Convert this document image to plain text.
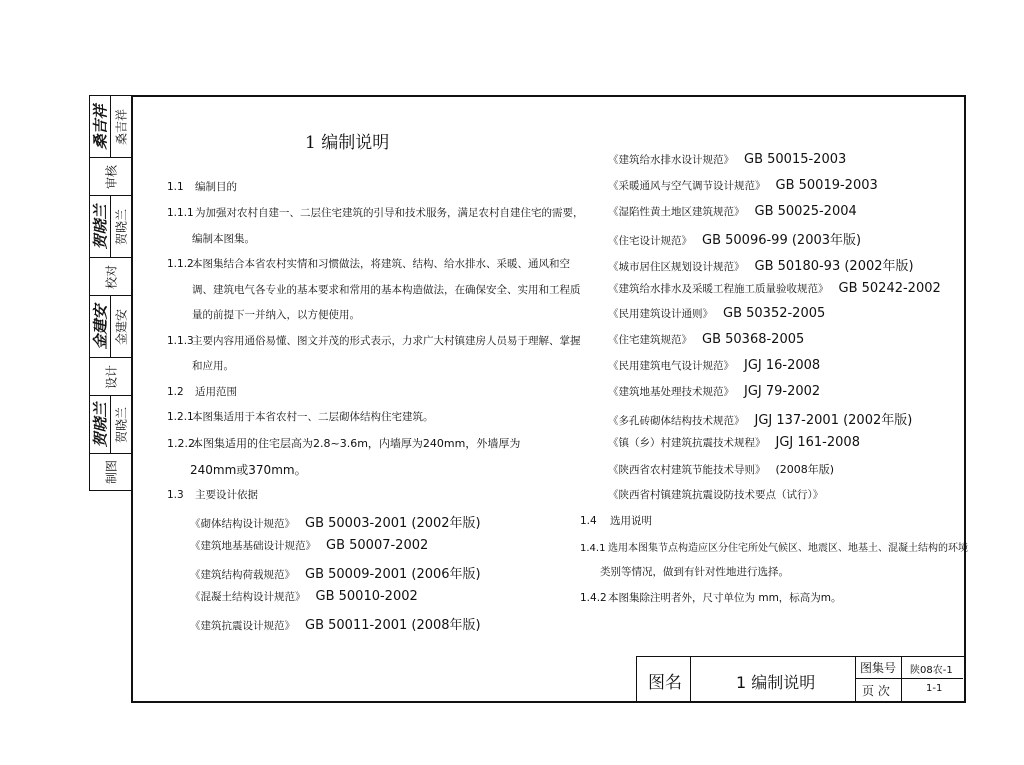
桑吉祥 桑吉祥
审核
贺晓兰 贺晓兰
校对
金建安 金建安
设计
贺晓兰 贺晓兰
制图
1 编制说明
1.1 编制目的
1.1.1为加强对农村自建一、二层住宅建筑的引导和技术服务，满足农村自建住宅的需要，
编制本图集。
1.1.2本图集结合本省农村实情和习惯做法，将建筑、结构、给水排水、采暖、通风和空
调、建筑电气各专业的基本要求和常用的基本构造做法，在确保安全、实用和工程质
量的前提下一并纳入，以方便使用。
1.1.3主要内容用通俗易懂、图文并茂的形式表示，力求广大村镇建房人员易于理解、掌握
和应用。
1.2 适用范围
1.2.1本图集适用于本省农村一、二层砌体结构住宅建筑。
1.2.2本图集适用的住宅层高为2.8~3.6m，内墙厚为240mm，外墙厚为
240mm或370mm。
1.3 主要设计依据
《砌体结构设计规范》 GB 50003-2001 (2002年版)
《建筑地基基础设计规范》 GB 50007-2002
《建筑结构荷载规范》 GB 50009-2001 (2006年版)
《混凝土结构设计规范》 GB 50010-2002
《建筑抗震设计规范》 GB 50011-2001 (2008年版)
《建筑给水排水设计规范》 GB 50015-2003
《采暖通风与空气调节设计规范》 GB 50019-2003
《湿陷性黄土地区建筑规范》 GB 50025-2004
《住宅设计规范》 GB 50096-99 (2003年版)
《城市居住区规划设计规范》 GB 50180-93 (2002年版)
《建筑给水排水及采暖工程施工质量验收规范》 GB 50242-2002
《民用建筑设计通则》 GB 50352-2005
《住宅建筑规范》 GB 50368-2005
《民用建筑电气设计规范》 JGJ 16-2008
《建筑地基处理技术规范》 JGJ 79-2002
《多孔砖砌体结构技术规范》 JGJ 137-2001 (2002年版)
《镇（乡）村建筑抗震技术规程》 JGJ 161-2008
《陕西省农村建筑节能技术导则》 (2008年版)
《陕西省村镇建筑抗震设防技术要点（试行）》
1.4 选用说明
1.4.1 选用本图集节点构造应区分住宅所处气候区、地震区、地基土、混凝土结构的环境
类别等情况，做到有针对性地进行选择。
1.4.2本图集除注明者外，尺寸单位为 mm，标高为m。
图名	1 编制说明
图集号 陕08农-1
页 次	1-1
